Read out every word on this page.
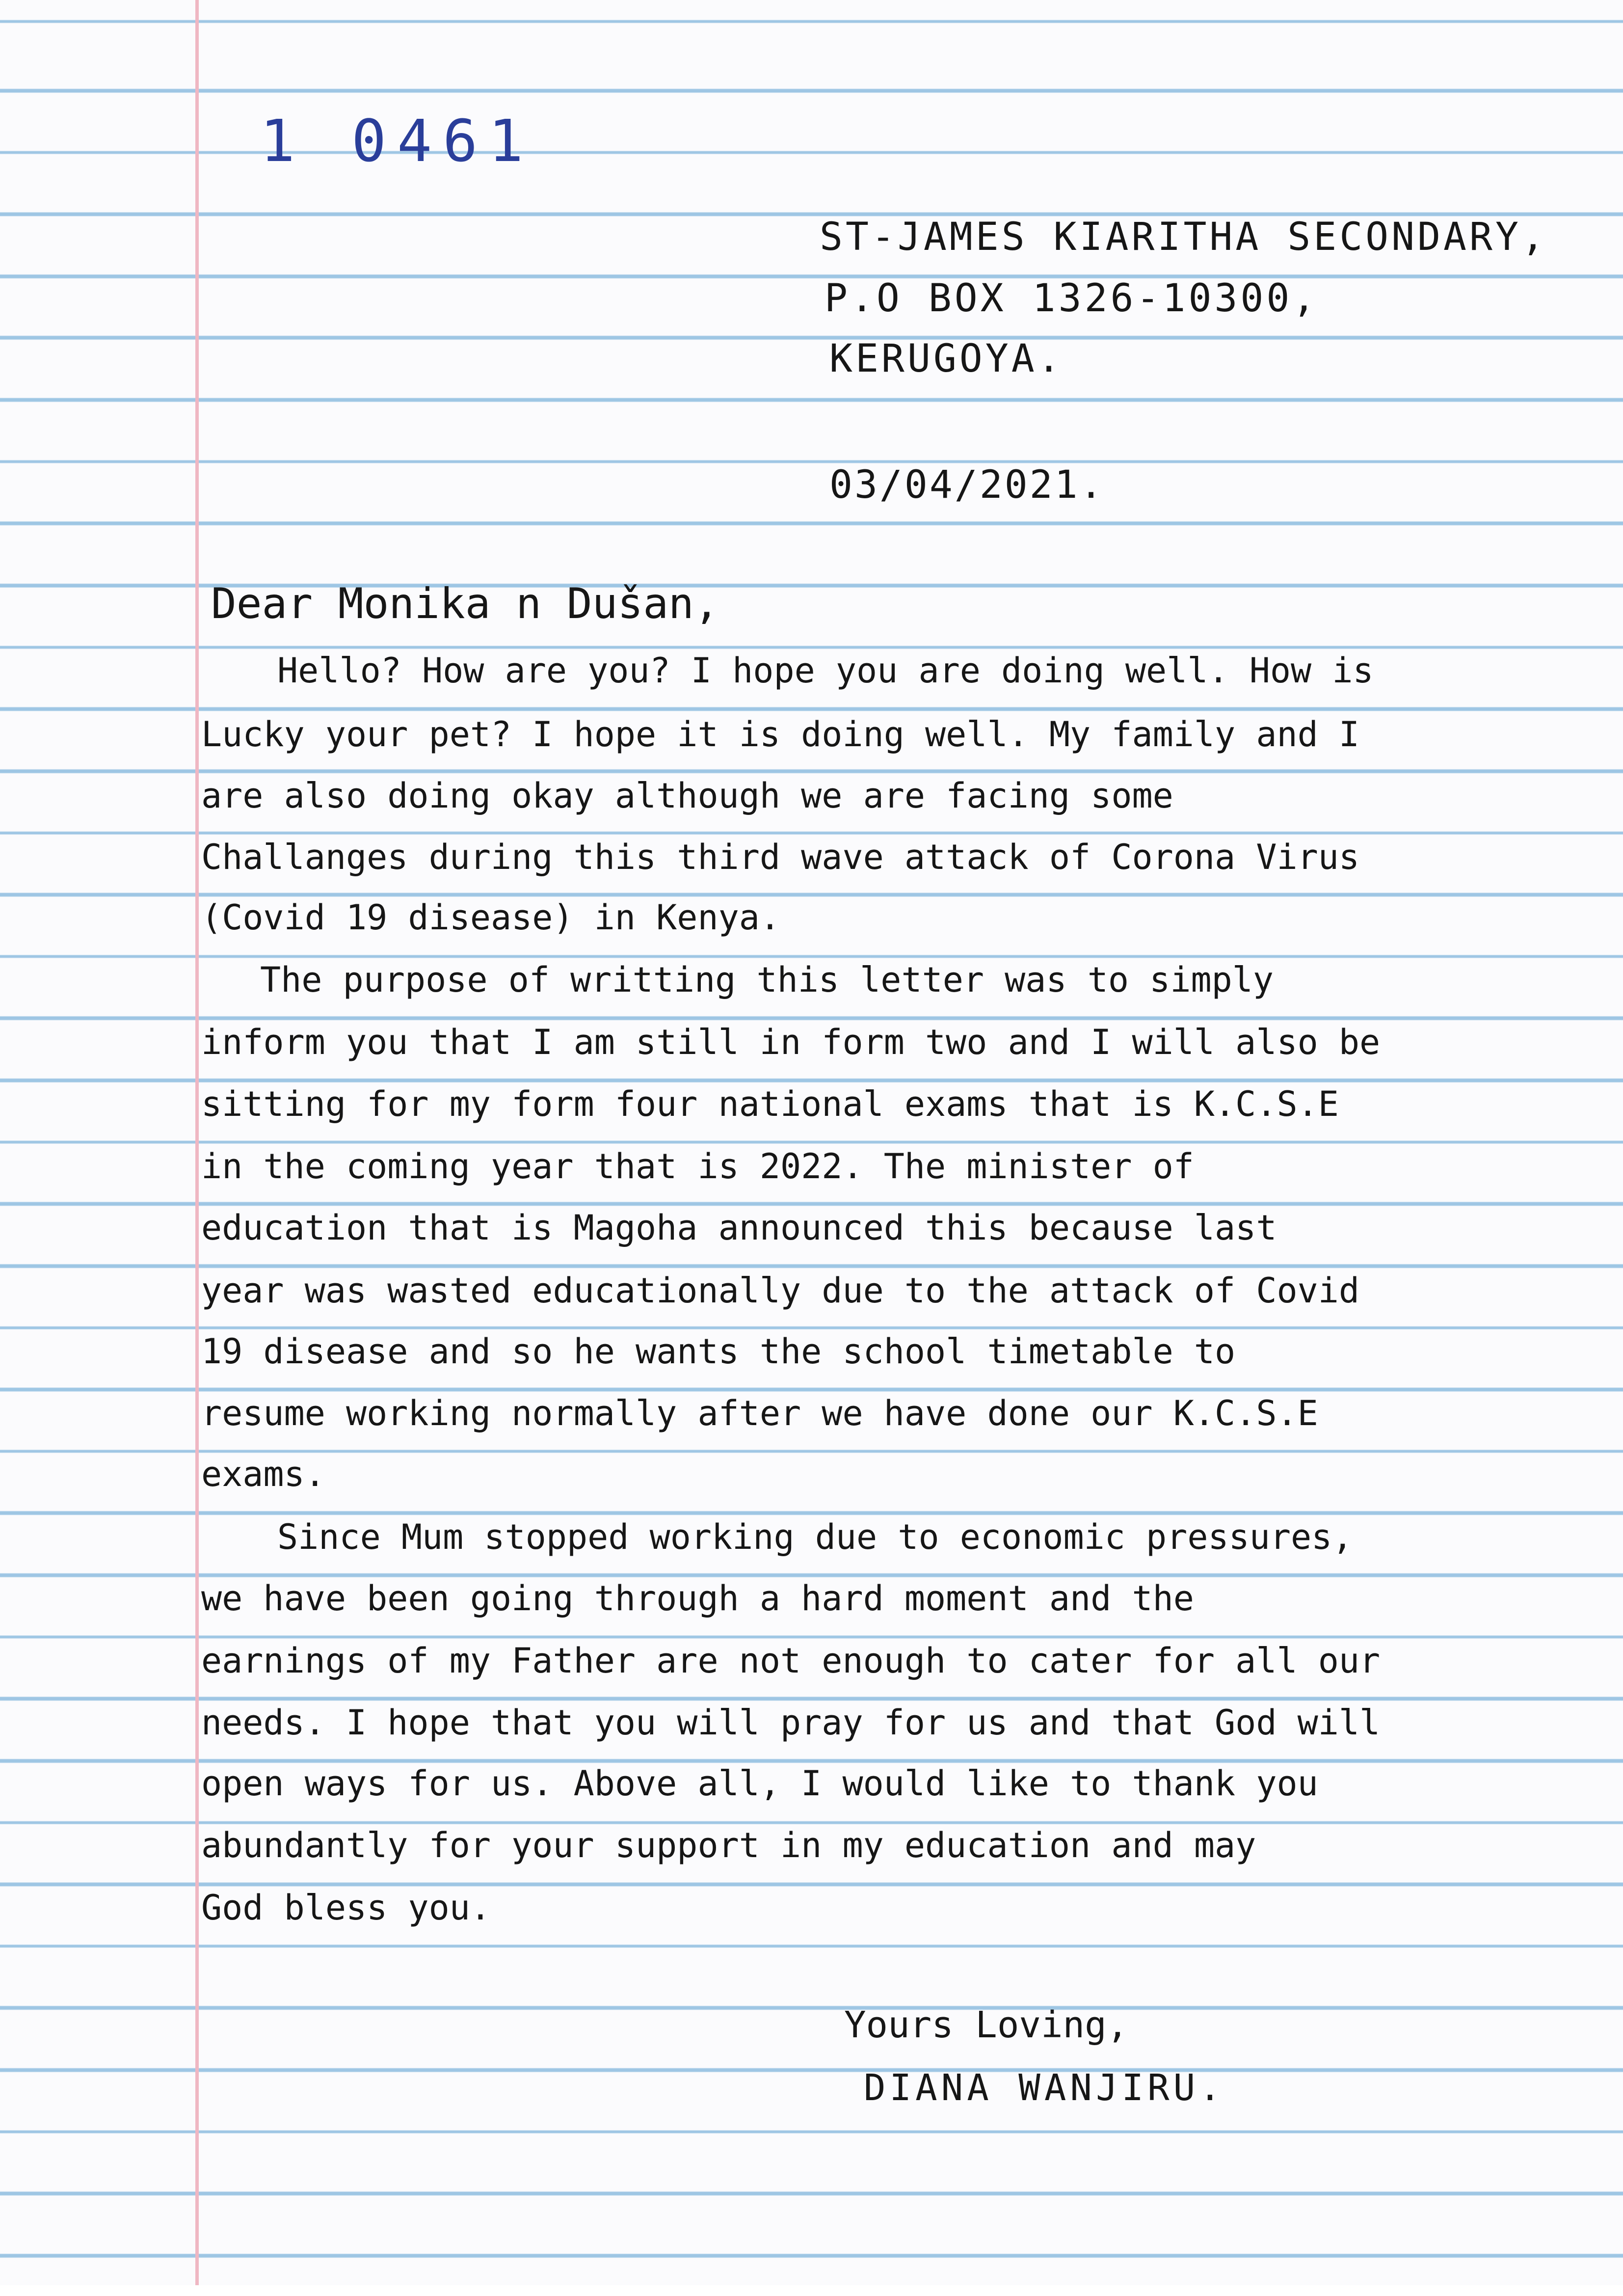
1 0461
ST-JAMES KIARITHA SECONDARY,
P.O BOX 1326-10300,
KERUGOYA.
03/04/2021.
Dear Monika n Dušan,
Hello? How are you? I hope you are doing well. How is
Lucky your pet? I hope it is doing well. My family and I
are also doing okay although we are facing some
Challanges during this third wave attack of Corona Virus
(Covid 19 disease) in Kenya.
The purpose of writting this letter was to simply
inform you that I am still in form two and I will also be
sitting for my form four national exams that is K.C.S.E
in the coming year that is 2022. The minister of
education that is Magoha announced this because last
year was wasted educationally due to the attack of Covid
19 disease and so he wants the school timetable to
resume working normally after we have done our K.C.S.E
exams.
Since Mum stopped working due to economic pressures,
we have been going through a hard moment and the
earnings of my Father are not enough to cater for all our
needs. I hope that you will pray for us and that God will
open ways for us. Above all, I would like to thank you
abundantly for your support in my education and may
God bless you.
Yours Loving,
DIANA WANJIRU.
